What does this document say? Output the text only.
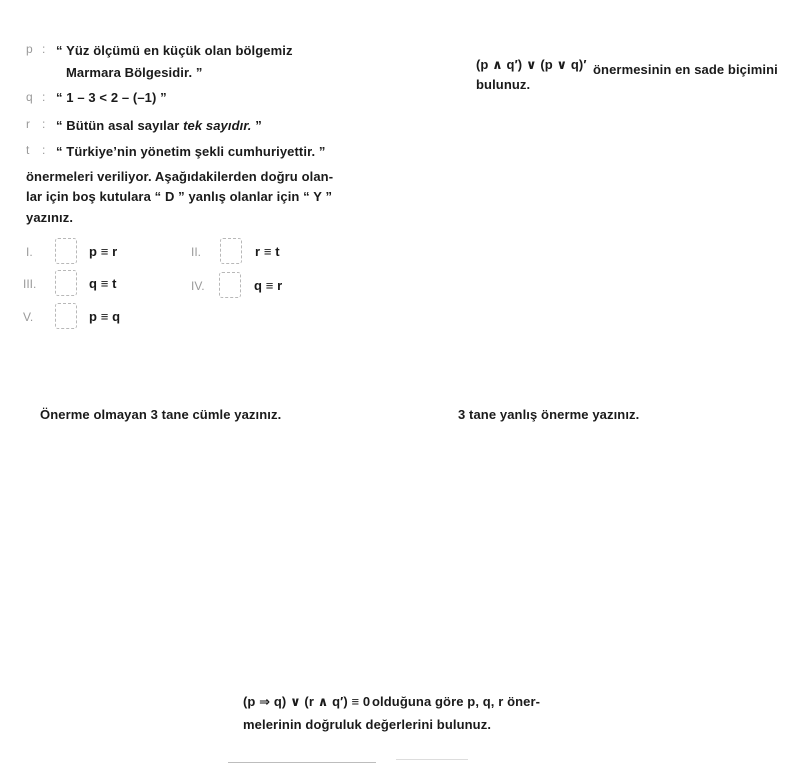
p : “ Yüz ölçümü en küçük olan bölgemiz
Marmara Bölgesidir. ”
q : “ 1 – 3 < 2 – (–1) ”
r : “ Bütün asal sayılar tek sayıdır. ”
t : “ Türkiye’nin yönetim şekli cumhuriyettir. ”
önermeleri veriliyor. Aşağıdakilerden doğru olan-
lar için boş kutulara “ D ” yanlış olanlar için “ Y ”
yazınız.
I.	p ≡ r	II.	r ≡ t
III.	q ≡ t	IV.	q ≡ r
V.	p ≡ q
(p ∧ q′) ∨ (p ∨ q)′ önermesinin en sade biçimini
bulunuz.
Önerme olmayan 3 tane cümle yazınız.	3 tane yanlış önerme yazınız.
(p ⇒ q) ∨ (r ∧ q′) ≡ 0 olduğuna göre p, q, r öner-
melerinin doğruluk değerlerini bulunuz.
